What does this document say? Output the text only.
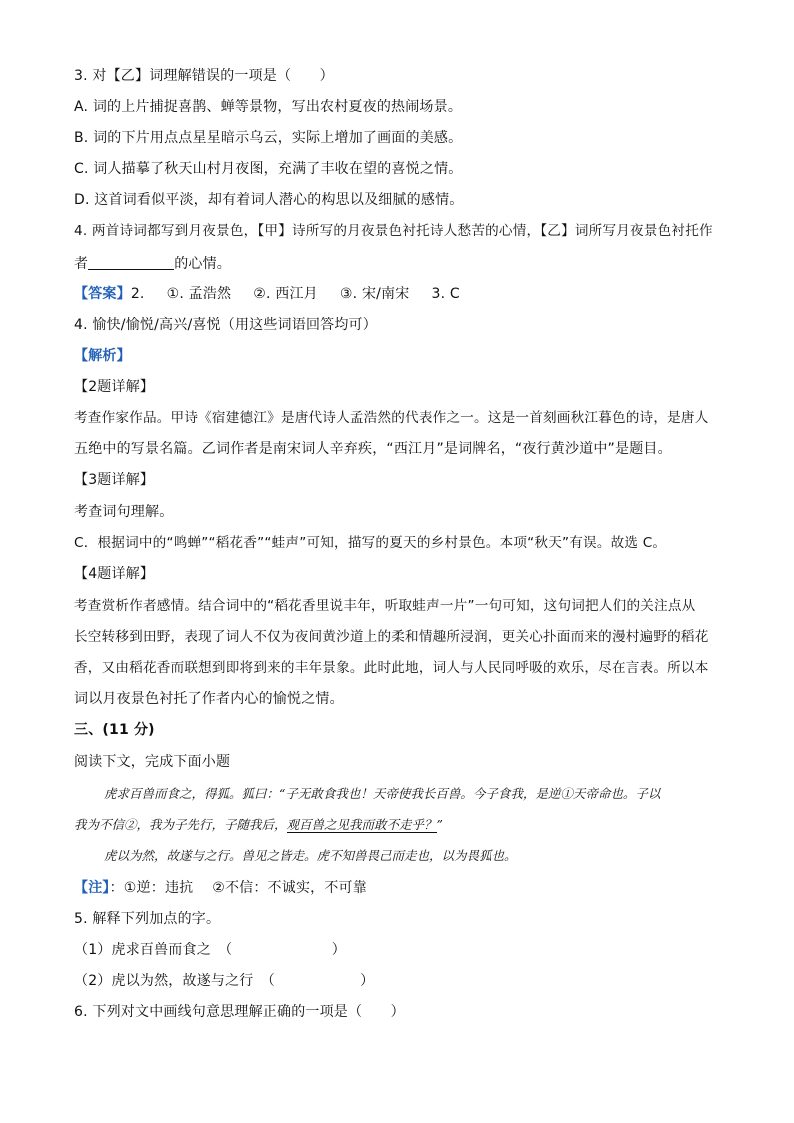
3. 对【乙】词理解错误的一项是（　　）
A. 词的上片捕捉喜鹊、蝉等景物，写出农村夏夜的热闹场景。
B. 词的下片用点点星星暗示乌云，实际上增加了画面的美感。
C. 词人描摹了秋天山村月夜图，充满了丰收在望的喜悦之情。
D. 这首词看似平淡，却有着词人潜心的构思以及细腻的感情。
4. 两首诗词都写到月夜景色，【甲】诗所写的月夜景色衬托诗人愁苦的心情，【乙】词所写月夜景色衬托作
者	的心情。
【答案】2. ①. 孟浩然 ②. 西江月 ③. 宋/南宋 3. C
4. 愉快/愉悦/高兴/喜悦（用这些词语回答均可）
【解析】
【2题详解】
考查作家作品。甲诗《宿建德江》是唐代诗人孟浩然的代表作之一。这是一首刻画秋江暮色的诗，是唐人
五绝中的写景名篇。乙词作者是南宋词人辛弃疾，“西江月”是词牌名，“夜行黄沙道中”是题目。
【3题详解】
考查词句理解。
C．根据词中的“鸣蝉”“稻花香”“蛙声”可知，描写的夏天的乡村景色。本项“秋天”有误。故选 C。
【4题详解】
考查赏析作者感情。结合词中的“稻花香里说丰年，听取蛙声一片”一句可知，这句词把人们的关注点从
长空转移到田野，表现了词人不仅为夜间黄沙道上的柔和情趣所浸润，更关心扑面而来的漫村遍野的稻花
香，又由稻花香而联想到即将到来的丰年景象。此时此地，词人与人民同呼吸的欢乐，尽在言表。所以本
词以月夜景色衬托了作者内心的愉悦之情。
三、(11 分)
阅读下文，完成下面小题
虎求百兽而食之，得狐。狐曰：“子无敢食我也！天帝使我长百兽。今子食我，是逆①天帝命也。子以
我为不信②，我为子先行，子随我后，观百兽之见我而敢不走乎？”
虎以为然，故遂与之行。兽见之皆走。虎不知兽畏己而走也，以为畏狐也。
【注】：①逆：违抗　 ②不信：不诚实，不可靠
5. 解释下列加点的字。
（1）虎求百兽而食之　（　　　　　　　）
（2）虎以为然，故遂与之行　（　　　　　　）
6. 下列对文中画线句意思理解正确的一项是（　　）
